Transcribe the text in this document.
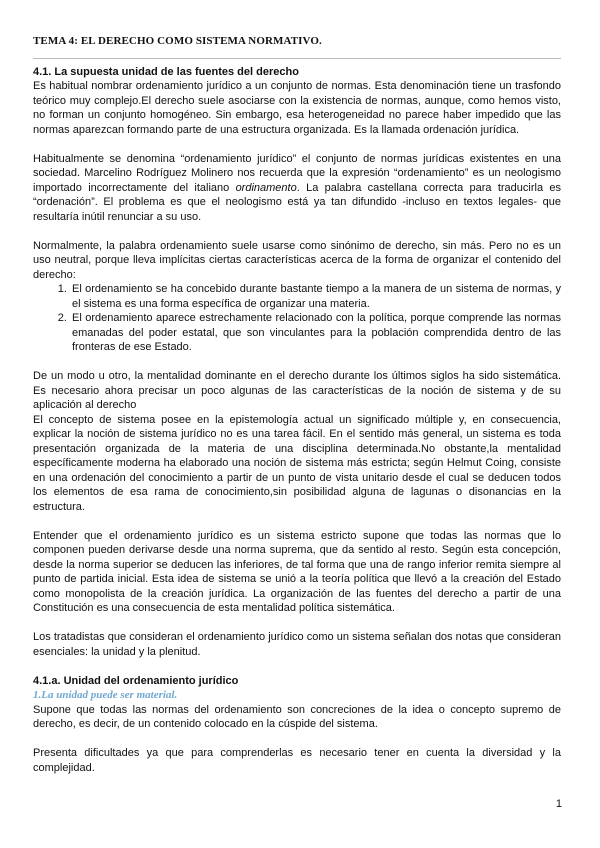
TEMA 4: EL DERECHO COMO SISTEMA NORMATIVO.
4.1. La supuesta unidad de las fuentes del derecho

Es habitual nombrar ordenamiento jurídico a un conjunto de normas. Esta denominación tiene un trasfondo teórico muy complejo.El derecho suele asociarse con la existencia de normas, aunque, como hemos visto, no forman un conjunto homogéneo. Sin embargo, esa heterogeneidad no parece haber impedido que las normas aparezcan formando parte de una estructura organizada. Es la llamada ordenación jurídica.

Habitualmente se denomina “ordenamiento jurídico” el conjunto de normas jurídicas existentes en una sociedad. Marcelino Rodríguez Molinero nos recuerda que la expresión “ordenamiento” es un neologismo importado incorrectamente del italiano ordinamento. La palabra castellana correcta para traducirla es “ordenación”. El problema es que el neologismo está ya tan difundido -incluso en textos legales- que resultaría inútil renunciar a su uso.

Normalmente, la palabra ordenamiento suele usarse como sinónimo de derecho, sin más. Pero no es un uso neutral, porque lleva implícitas ciertas características acerca de la forma de organizar el contenido del derecho:

1. El ordenamiento se ha concebido durante bastante tiempo a la manera de un sistema de normas, y el sistema es una forma específica de organizar una materia.
2. El ordenamiento aparece estrechamente relacionado con la política, porque comprende las normas emanadas del poder estatal, que son vinculantes para la población comprendida dentro de las fronteras de ese Estado.

De un modo u otro, la mentalidad dominante en el derecho durante los últimos siglos ha sido sistemática. Es necesario ahora precisar un poco algunas de las características de la noción de sistema y de su aplicación al derecho

El concepto de sistema posee en la epistemología actual un significado múltiple y, en consecuencia, explicar la noción de sistema jurídico no es una tarea fácil. En el sentido más general, un sistema es toda presentación organizada de la materia de una disciplina determinada.No obstante,la mentalidad específicamente moderna ha elaborado una noción de sistema más estricta; según Helmut Coing, consiste en una ordenación del conocimiento a partir de un punto de vista unitario desde el cual se deducen todos los elementos de esa rama de conocimiento,sin posibilidad alguna de lagunas o disonancias en la estructura.

Entender que el ordenamiento jurídico es un sistema estricto supone que todas las normas que lo componen pueden derivarse desde una norma suprema, que da sentido al resto. Según esta concepción, desde la norma superior se deducen las inferiores, de tal forma que una de rango inferior remita siempre al punto de partida inicial. Esta idea de sistema se unió a la teoría política que llevó a la creación del Estado como monopolista de la creación jurídica. La organización de las fuentes del derecho a partir de una Constitución es una consecuencia de esta mentalidad política sistemática.

Los tratadistas que consideran el ordenamiento jurídico como un sistema señalan dos notas que consideran esenciales: la unidad y la plenitud.

4.1.a. Unidad del ordenamiento jurídico

1.La unidad puede ser material.

Supone que todas las normas del ordenamiento son concreciones de la idea o concepto supremo de derecho, es decir, de un contenido colocado en la cúspide del sistema.

Presenta dificultades ya que para comprenderlas es necesario tener en cuenta la diversidad y la complejidad.

1
